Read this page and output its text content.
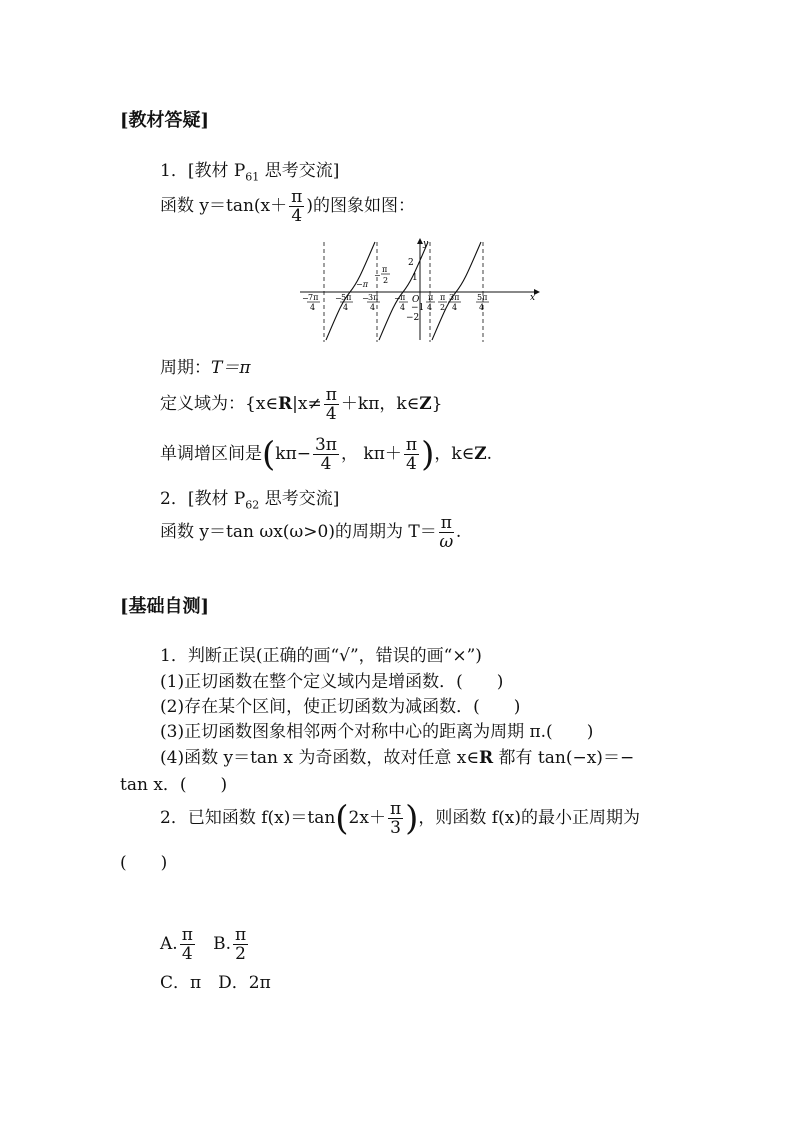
[教材答疑]
1．[教材 $P_{61}$ 思考交流]
函数 $y=\tan(x+ \frac{\pi}{4}$ )的图象如图：
x
y
O
2
1
−1
−2
−π
−
π
2
− 7π
4
− 5π
4
− 3π
4
− π
4
π
4
π
2
3π
4
5π
4
周期：T＝π
定义域为：{x∈R|x≠ $\frac{\pi}{4} +k\pi$，k∈Z}
单调增区间是($k\pi- \frac{3\pi}{4}$ ， $k\pi+ \frac{\pi}{4}$ )，k∈Z.
2．[教材 $P_{62}$ 思考交流]
函数 y＝tan ωx(ω>0)的周期为 $T= \frac{\pi}{\omega}$ .
[基础自测]
1．判断正误(正确的画“√”，错误的画“×”)
(1)正切函数在整个定义域内是增函数．(　　)
(2)存在某个区间，使正切函数为减函数．(　　)
(3)正切函数图象相邻两个对称中心的距离为周期 π.(　　)
(4)函数 y＝tan x 为奇函数，故对任意 x∈R 都有 tan(−x)＝−
tan x．(　　)
2．已知函数 $f(x)=\tan(2x+ \frac{\pi}{3}$ )，则函数 f(x)的最小正周期为
(　　)
A. $\frac{\pi}{4} B$. $\frac{\pi}{2}$
C．π　D．2π
